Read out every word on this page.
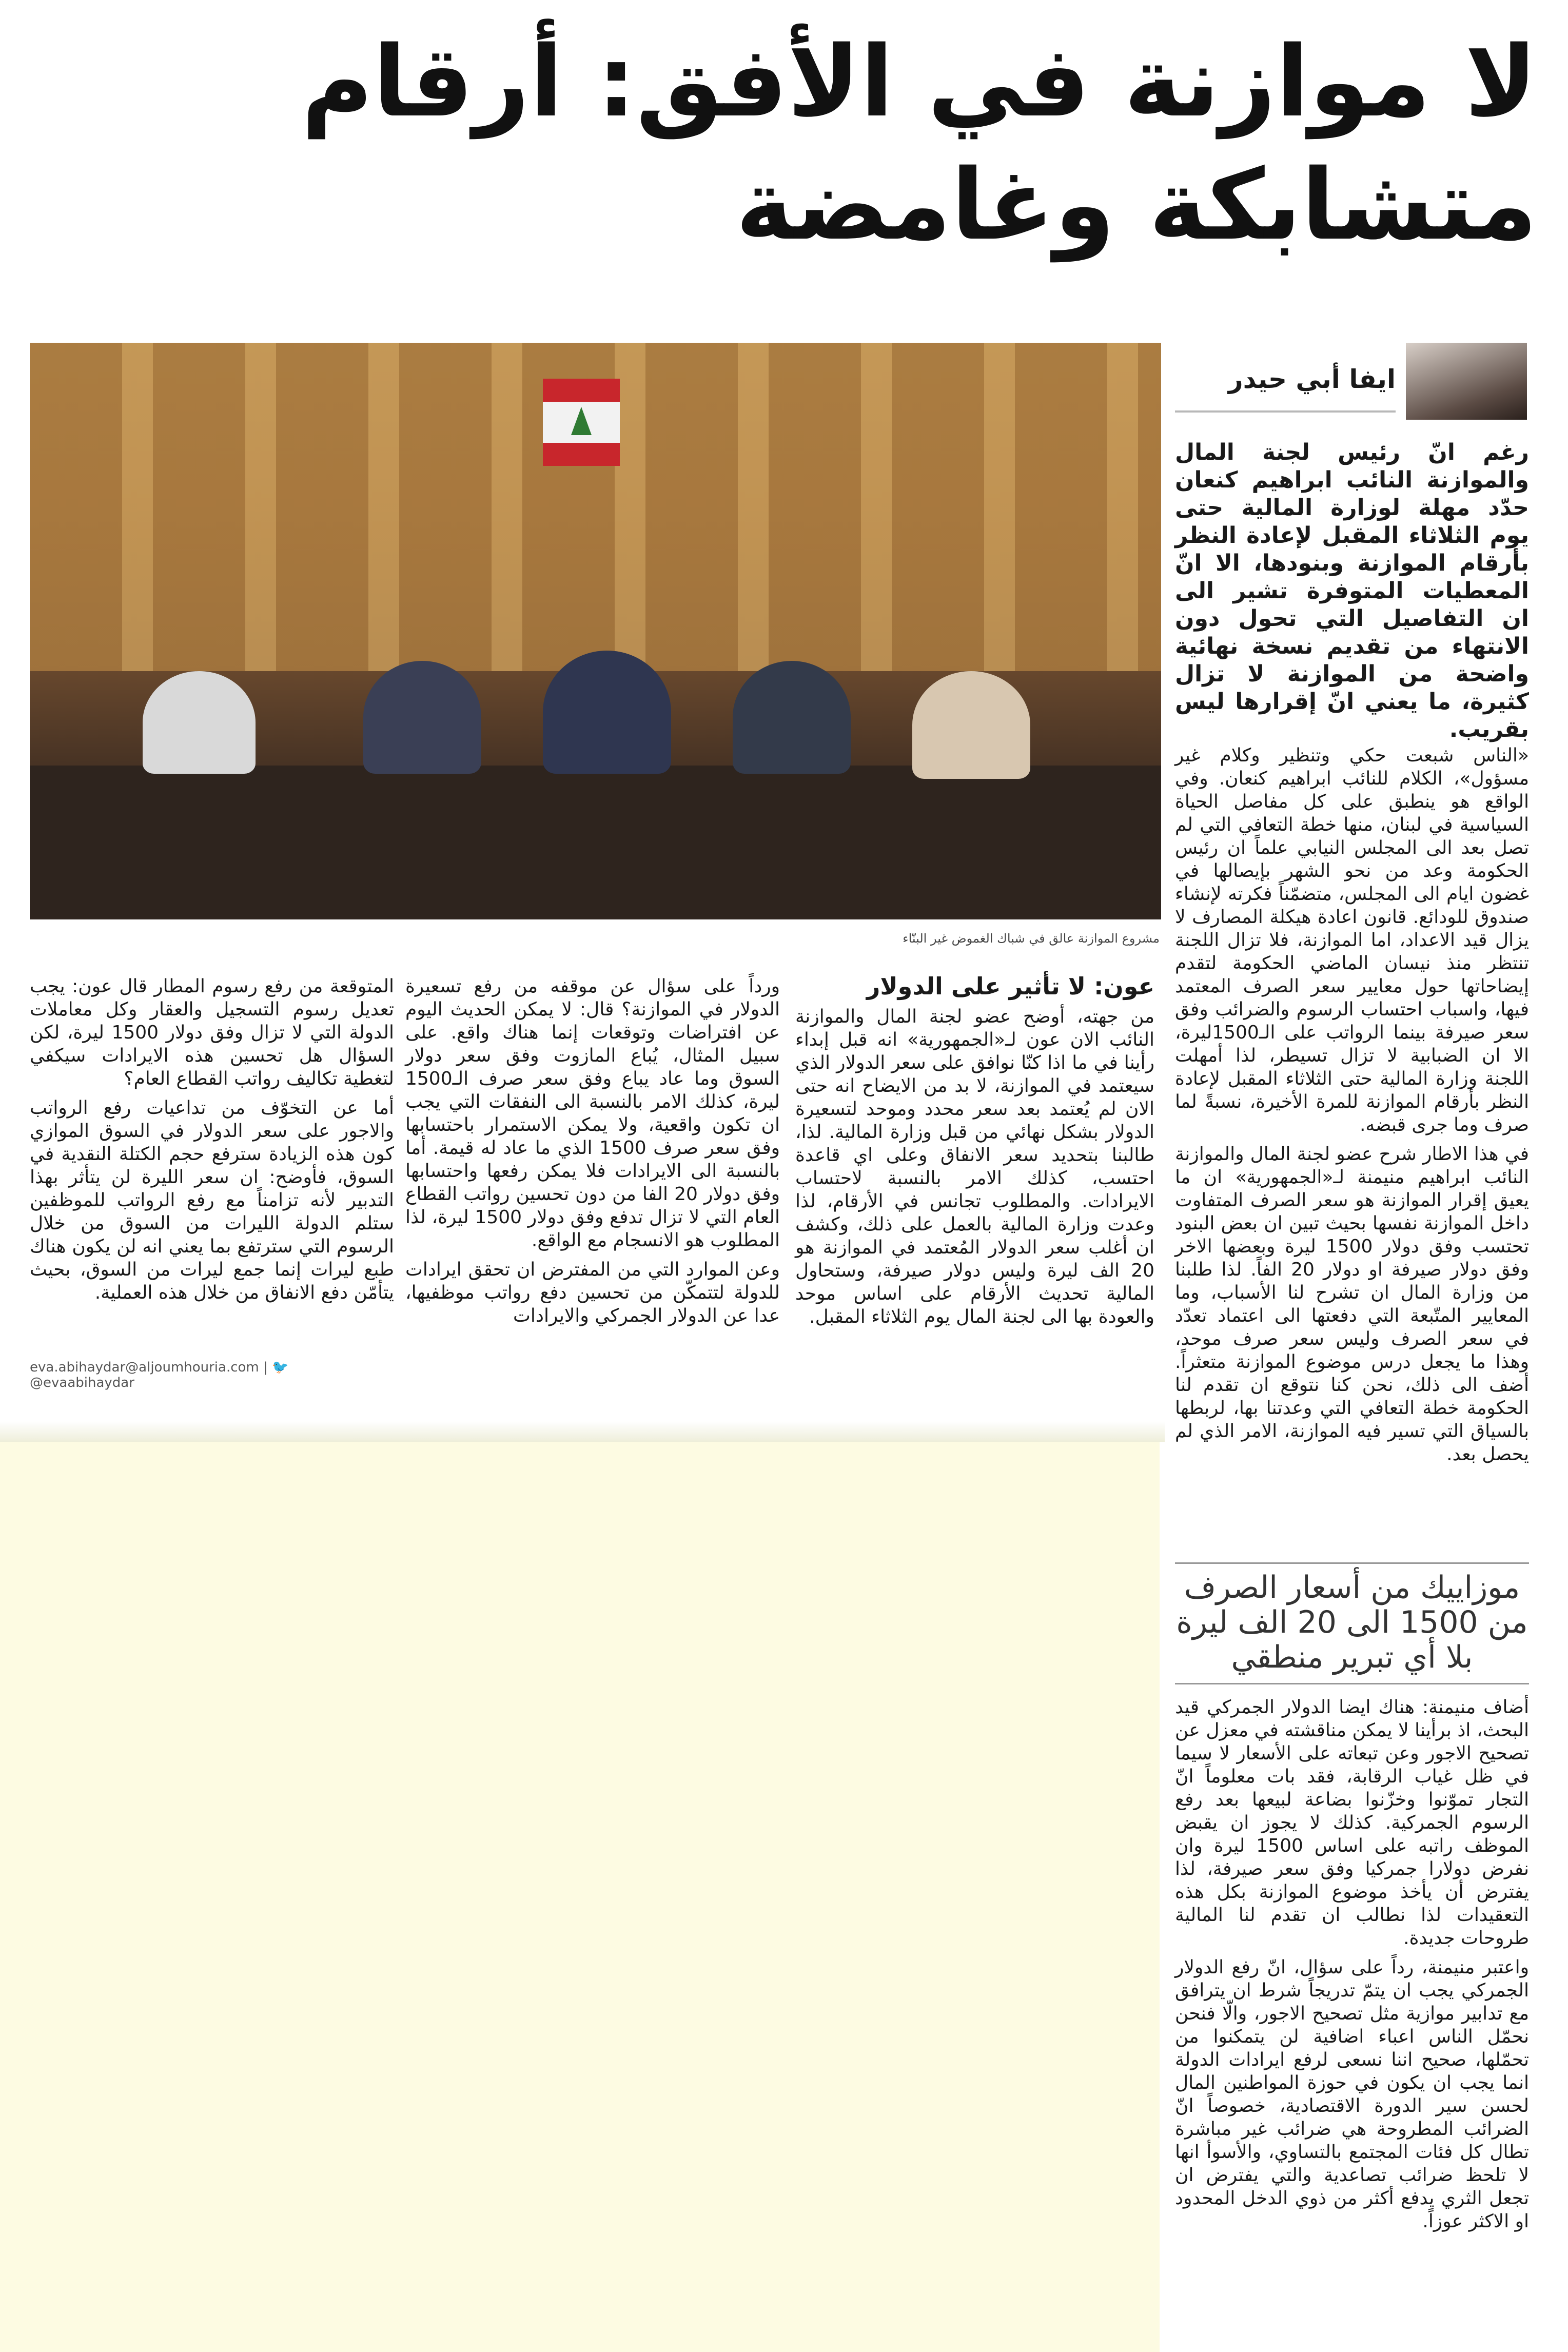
لا موازنة في الأفق: أرقام متشابكة وغامضة
ايفا أبي حيدر
مشروع الموازنة عالق في شباك الغموض غير البنّاء
رغم انّ رئيس لجنة المال والموازنة النائب ابراهيم كنعان حدّد مهلة لوزارة المالية حتى يوم الثلاثاء المقبل لإعادة النظر بأرقام الموازنة وبنودها، الا انّ المعطيات المتوفرة تشير الى ان التفاصيل التي تحول دون الانتهاء من تقديم نسخة نهائية واضحة من الموازنة لا تزال كثيرة، ما يعني انّ إقرارها ليس بقريب.

«الناس شبعت حكي وتنظير وكلام غير مسؤول»، الكلام للنائب ابراهيم كنعان. وفي الواقع هو ينطبق على كل مفاصل الحياة السياسية في لبنان، منها خطة التعافي التي لم تصل بعد الى المجلس النيابي علماً ان رئيس الحكومة وعد من نحو الشهر بإيصالها في غضون ايام الى المجلس، متضمّناً فكرته لإنشاء صندوق للودائع. قانون اعادة هيكلة المصارف لا يزال قيد الاعداد، اما الموازنة، فلا تزال اللجنة تنتظر منذ نيسان الماضي الحكومة لتقدم إيضاحاتها حول معايير سعر الصرف المعتمد فيها، واسباب احتساب الرسوم والضرائب وفق سعر صيرفة بينما الرواتب على الـ1500ليرة، الا ان الضبابية لا تزال تسيطر، لذا أمهلت اللجنة وزارة المالية حتى الثلاثاء المقبل لإعادة النظر بأرقام الموازنة للمرة الأخيرة، نسبةً لما صرف وما جرى قبضه.

في هذا الاطار شرح عضو لجنة المال والموازنة النائب ابراهيم منيمنة لـ«الجمهورية» ان ما يعيق إقرار الموازنة هو سعر الصرف المتفاوت داخل الموازنة نفسها بحيث تبين ان بعض البنود تحتسب وفق دولار 1500 ليرة وبعضها الاخر وفق دولار صيرفة او دولار 20 الفاً. لذا طلبنا من وزارة المال ان تشرح لنا الأسباب، وما المعايير المتّبعة التي دفعتها الى اعتماد تعدّد في سعر الصرف وليس سعر صرف موحد، وهذا ما يجعل درس موضوع الموازنة متعثراً. أضف الى ذلك، نحن كنا نتوقع ان تقدم لنا الحكومة خطة التعافي التي وعدتنا بها، لربطها بالسياق التي تسير فيه الموازنة، الامر الذي لم يحصل بعد.

موزاييك من أسعار الصرف من 1500 الى 20 الف ليرة بلا أي تبرير منطقي

أضاف منيمنة: هناك ايضا الدولار الجمركي قيد البحث، اذ برأينا لا يمكن مناقشته في معزل عن تصحيح الاجور وعن تبعاته على الأسعار لا سيما في ظل غياب الرقابة، فقد بات معلوماً انّ التجار تموّنوا وخزّنوا بضاعة لبيعها بعد رفع الرسوم الجمركية. كذلك لا يجوز ان يقبض الموظف راتبه على اساس 1500 ليرة وان نفرض دولارا جمركيا وفق سعر صيرفة، لذا يفترض أن يأخذ موضوع الموازنة بكل هذه التعقيدات لذا نطالب ان تقدم لنا المالية طروحات جديدة.

واعتبر منيمنة، رداً على سؤال، انّ رفع الدولار الجمركي يجب ان يتمّ تدريجاً شرط ان يترافق مع تدابير موازية مثل تصحيح الاجور، والّا فنحن نحمّل الناس اعباء اضافية لن يتمكنوا من تحمّلها، صحيح اننا نسعى لرفع ايرادات الدولة انما يجب ان يكون في حوزة المواطنين المال لحسن سير الدورة الاقتصادية، خصوصاً انّ الضرائب المطروحة هي ضرائب غير مباشرة تطال كل فئات المجتمع بالتساوي، والأسوأ انها لا تلحظ ضرائب تصاعدية والتي يفترض ان تجعل الثري يدفع أكثر من ذوي الدخل المحدود او الاكثر عوزاً.

عون: لا تأثير على الدولار

من جهته، أوضح عضو لجنة المال والموازنة النائب الان عون لـ«الجمهورية» انه قبل إبداء رأينا في ما اذا كنّا نوافق على سعر الدولار الذي سيعتمد في الموازنة، لا بد من الايضاح انه حتى الان لم يُعتمد بعد سعر محدد وموحد لتسعيرة الدولار بشكل نهائي من قبل وزارة المالية. لذا، طالبنا بتحديد سعر الانفاق وعلى اي قاعدة احتسب، كذلك الامر بالنسبة لاحتساب الايرادات. والمطلوب تجانس في الأرقام، لذا وعدت وزارة المالية بالعمل على ذلك، وكشف ان أغلب سعر الدولار المُعتمد في الموازنة هو 20 الف ليرة وليس دولار صيرفة، وستحاول المالية تحديث الأرقام على اساس موحد والعودة بها الى لجنة المال يوم الثلاثاء المقبل.

ورداً على سؤال عن موقفه من رفع تسعيرة الدولار في الموازنة؟ قال: لا يمكن الحديث اليوم عن افتراضات وتوقعات إنما هناك واقع. على سبيل المثال، يُباع المازوت وفق سعر دولار السوق وما عاد يباع وفق سعر صرف الـ1500 ليرة، كذلك الامر بالنسبة الى النفقات التي يجب ان تكون واقعية، ولا يمكن الاستمرار باحتسابها وفق سعر صرف 1500 الذي ما عاد له قيمة. أما بالنسبة الى الايرادات فلا يمكن رفعها واحتسابها وفق دولار 20 الفا من دون تحسين رواتب القطاع العام التي لا تزال تدفع وفق دولار 1500 ليرة، لذا المطلوب هو الانسجام مع الواقع.

وعن الموارد التي من المفترض ان تحقق ايرادات للدولة لتتمكّن من تحسين دفع رواتب موظفيها، عدا عن الدولار الجمركي والايرادات

المتوقعة من رفع رسوم المطار قال عون: يجب تعديل رسوم التسجيل والعقار وكل معاملات الدولة التي لا تزال وفق دولار 1500 ليرة، لكن السؤال هل تحسين هذه الايرادات سيكفي لتغطية تكاليف رواتب القطاع العام؟

أما عن التخوّف من تداعيات رفع الرواتب والاجور على سعر الدولار في السوق الموازي كون هذه الزيادة سترفع حجم الكتلة النقدية في السوق، فأوضح: ان سعر الليرة لن يتأثر بهذا التدبير لأنه تزامناً مع رفع الرواتب للموظفين ستلم الدولة الليرات من السوق من خلال الرسوم التي سترتفع بما يعني انه لن يكون هناك طبع ليرات إنما جمع ليرات من السوق، بحيث يتأمّن دفع الانفاق من خلال هذه العملية.

eva.abihaydar@aljoumhouria.com | 🐦 @evaabihaydar
